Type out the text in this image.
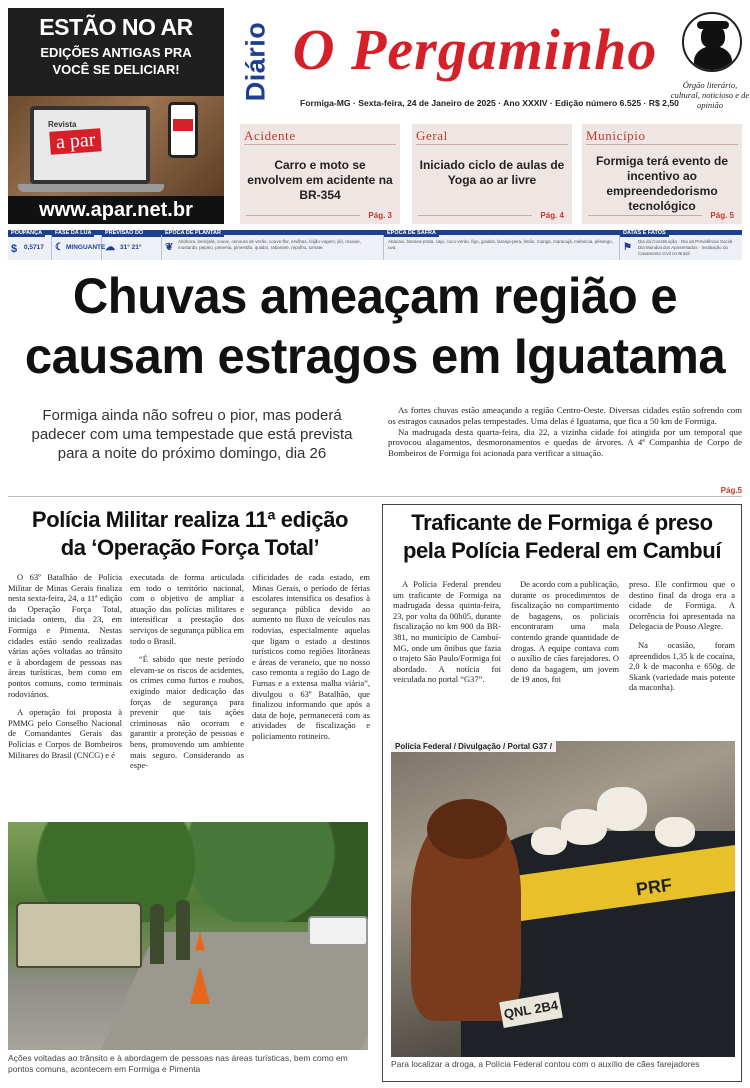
ESTÃO NO AR
EDIÇÕES ANTIGAS PRA
VOCÊ SE DELICIAR!
Revista
a par
www.apar.net.br
Diário O Pergaminho
Órgão literário, cultural, noticioso e de opinião
Formiga-MG · Sexta-feira, 24 de Janeiro de 2025 · Ano XXXIV · Edição número 6.525 · R$ 2,50
Acidente
Carro e moto se envolvem em acidente na BR-354
Pág. 3
Geral
Iniciado ciclo de aulas de Yoga ao ar livre
Pág. 4
Município
Formiga terá evento de incentivo ao empreendedorismo tecnológico
Pág. 5
POUPANÇA
$ 0,5717
FASE DA LUA
☾ MINGUANTE
PREVISÃO DO TEMPO
☁ 31° 21°
ÉPOCA DE PLANTAR
❦
Abóbora, berinjela, couve, cenoura de verão, couve-flor, ervilhas, feijão-vagem, jiló, maxixe, mostarda, pepino, pimenta, pimentão, quiabo, rabanete, repolho, tomate.
ÉPOCA DE SAFRA
Abacaxi, banana-prata, caju, coco-verde, figo, goiaba, laranja-pera, limão, manga, maracujá, melancia, pêssego, uva.
DATAS E FATOS
⚑
Dia da Constituição · Dia da Previdência Social · Dia Mundial dos Aposentados · Instituição do Casamento Civil no Brasil
Chuvas ameaçam região e
causam estragos em Iguatama
Formiga ainda não sofreu o pior, mas poderá padecer com uma tempestade que está prevista para a noite do próximo domingo, dia 26

As fortes chuvas estão ameaçando a região Centro-Oeste. Diversas cidades estão sofrendo com os estragos causados pelas tempestades. Uma delas é Iguatama, que fica a 50 km de Formiga.

Na madrugada desta quarta-feira, dia 22, a vizinha cidade foi atingida por um temporal que provocou alagamentos, desmoronamentos e quedas de árvores. A 4ª Companhia de Corpo de Bombeiros de Formiga foi acionada para verificar a situação.

Pág.5
Polícia Militar realiza 11ª edição
da ‘Operação Força Total’

O 63º Batalhão de Polícia Militar de Minas Gerais finaliza nesta sexta-feira, 24, a 11ª edição da Operação Força Total, iniciada ontem, dia 23, em Formiga e Pimenta. Nestas cidades estão sendo realizadas várias ações voltadas ao trânsito e à abordagem de pessoas nas áreas turísticas, bem como em pontos comuns, como terminais rodoviários.

A operação foi proposta à PMMG pelo Conselho Nacional de Comandantes Gerais das Polícias e Corpos de Bombeiros Militares do Brasil (CNCG) e é

executada de forma articulada em todo o território nacional, com o objetivo de ampliar a atuação das polícias militares e intensificar a prestação dos serviços de segurança pública em todo o Brasil.

“É sabido que neste período elevam-se os riscos de acidentes, os crimes como furtos e roubos, exigindo maior dedicação das forças de segurança para prevenir que tais ações criminosas não ocorram e garantir a proteção de pessoas e bens, promovendo um ambiente mais seguro. Considerando as espe-

cificidades de cada estado, em Minas Gerais, o período de férias escolares intensifica os desafios à segurança pública devido ao aumento no fluxo de veículos nas rodovias, especialmente aquelas que ligam o estado a destinos turísticos como regiões litorâneas e áreas de veraneio, que no nosso caso remonta a região do Lago de Furnas e a extensa malha viária”, divulgou o 63º Batalhão, que finalizou informando que após a data de hoje, permanecerá com as atividades de fiscalização e policiamento rotineiro.

Ações voltadas ao trânsito e à abordagem de pessoas nas áreas turísticas, bem como em pontos comuns, acontecem em Formiga e Pimenta
Traficante de Formiga é preso
pela Polícia Federal em Cambuí

A Polícia Federal prendeu um traficante de Formiga na madrugada dessa quinta-feira, 23, por volta da 00h05, durante fiscalização no km 900 da BR-381, no município de Cambuí-MG, onde um ônibus que fazia o trajeto São Paulo/Formiga foi abordado. A notícia foi veiculada no portal “G37”.

De acordo com a publicação, durante os procedimentos de fiscalização no compartimento de bagagens, os policiais encontraram uma mala contendo grande quantidade de drogas. A equipe contava com o auxílio de cães farejadores. O dono da bagagem, um jovem de 19 anos, foi

preso. Ele confirmou que o destino final da droga era a cidade de Formiga. A ocorrência foi apresentada na Delegacia de Pouso Alegre.

Na ocasião, foram apreendidos 1,35 k de cocaína, 2,0 k de maconha e 650g. de Skank (variedade mais potente da maconha).

PRF
QNL 2B4
Polícia Federal / Divulgação / Portal G37 /
Para localizar a droga, a Polícia Federal contou com o auxílio de cães farejadores
